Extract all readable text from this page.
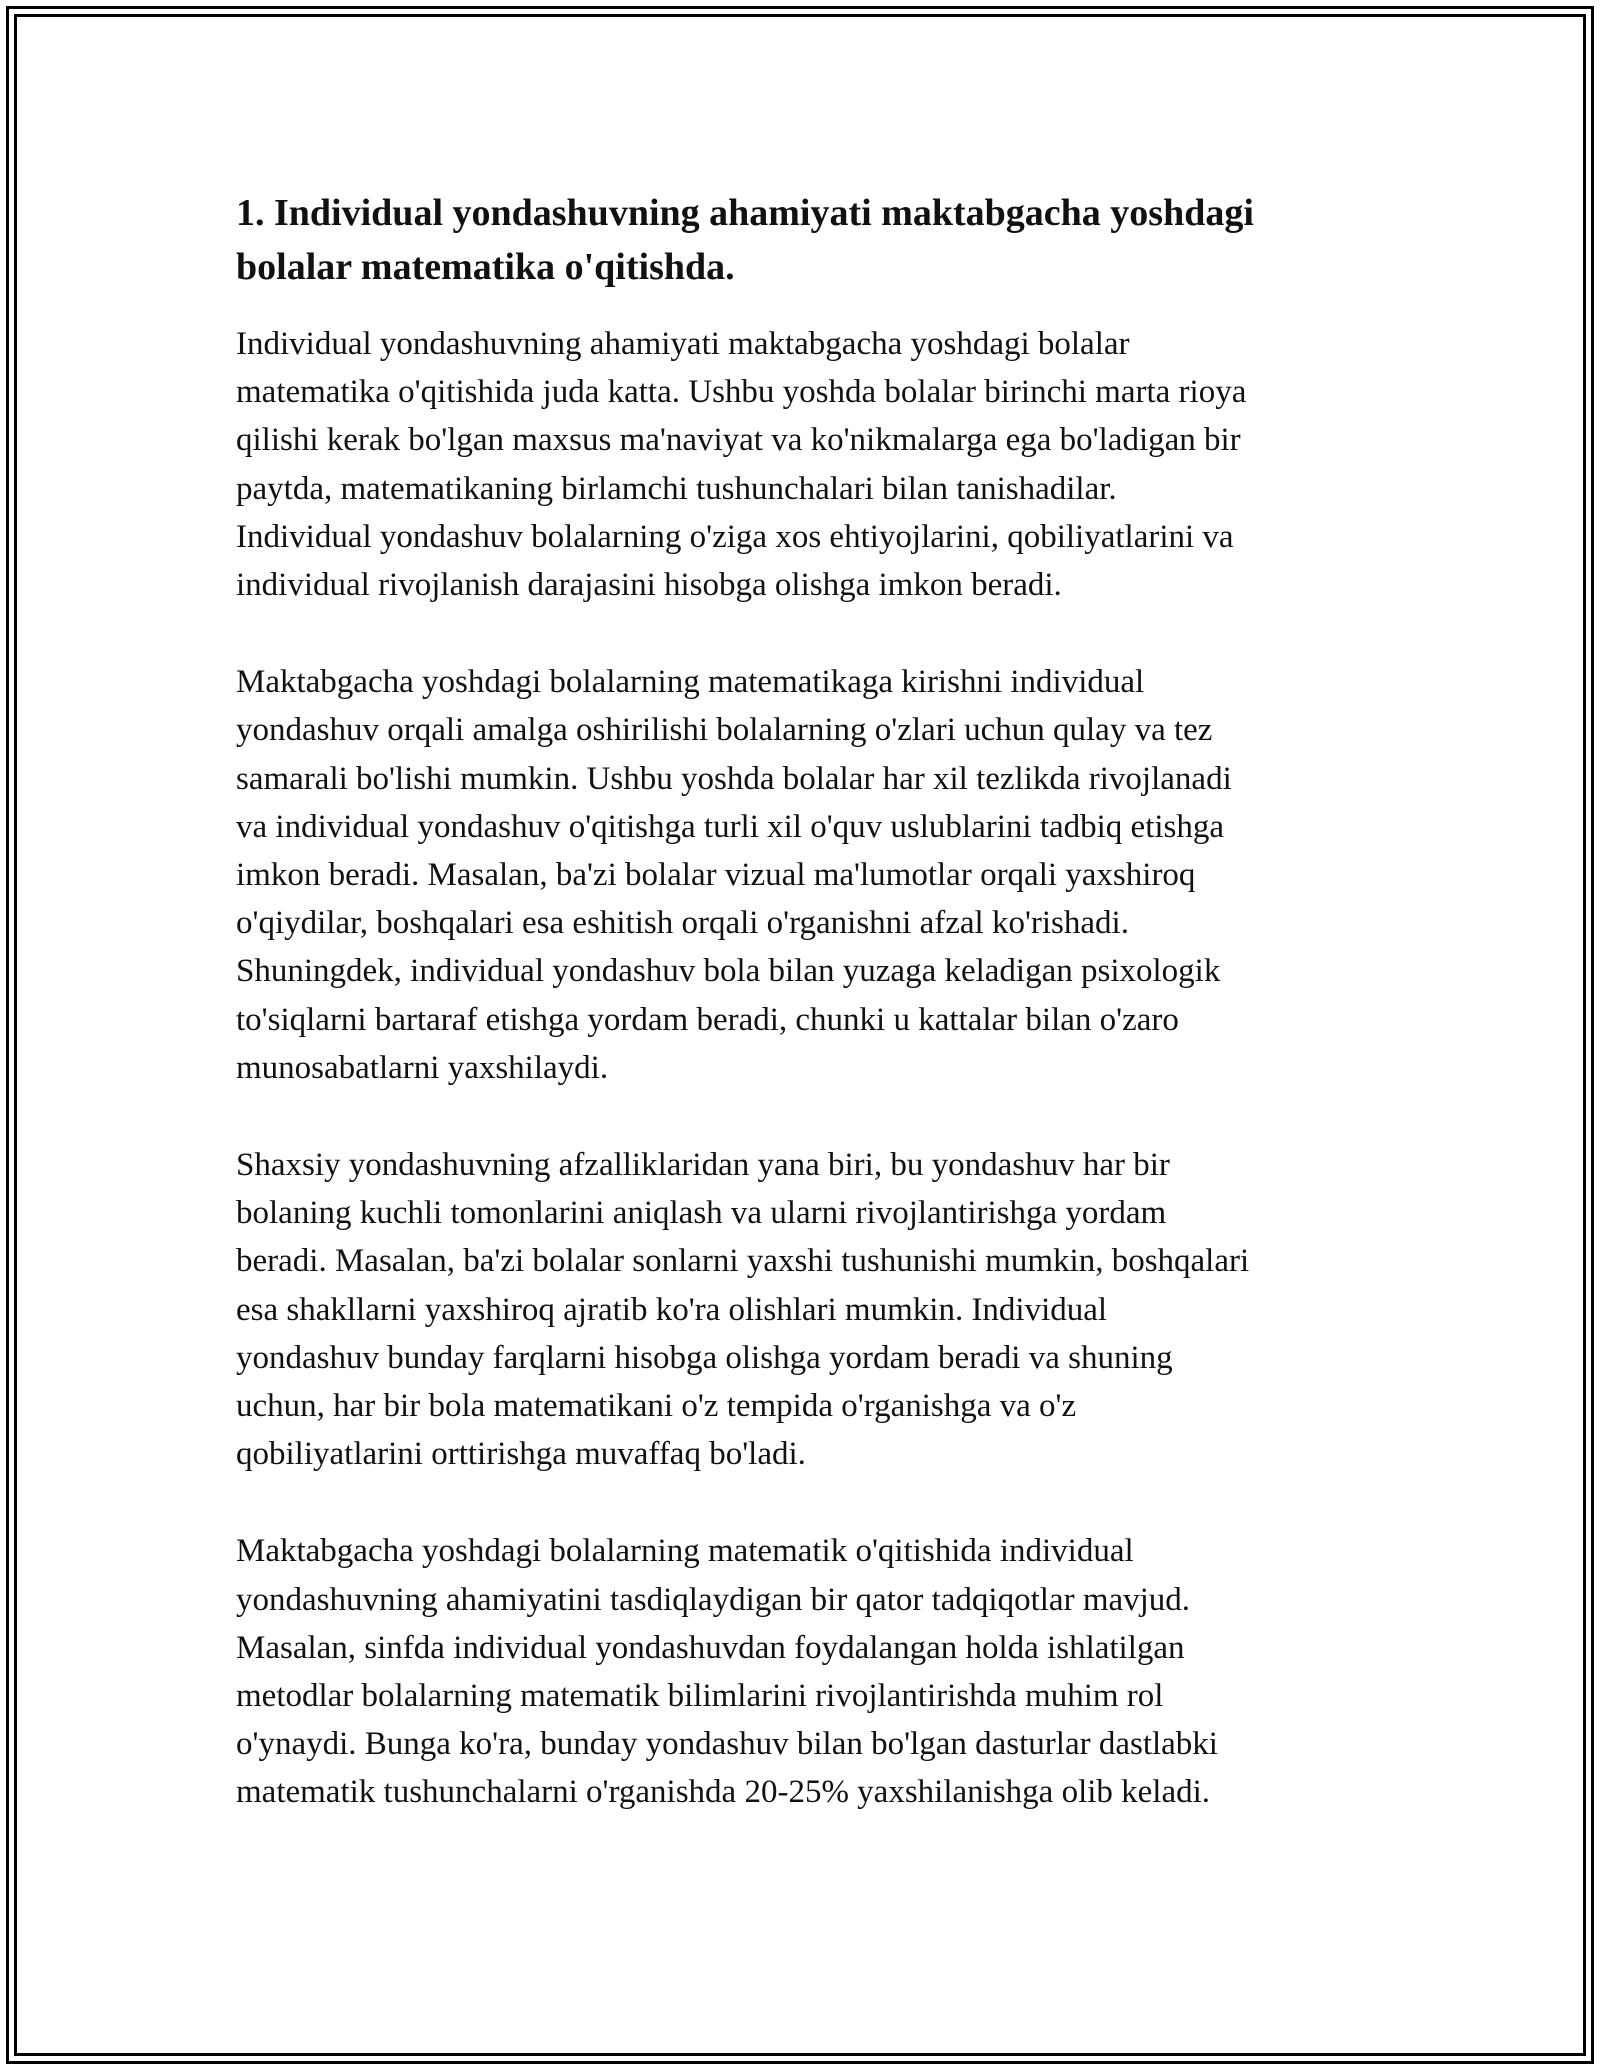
1. Individual yondashuvning ahamiyati maktabgacha yoshdagi
bolalar matematika o'qitishda.

Individual yondashuvning ahamiyati maktabgacha yoshdagi bolalar
matematika o'qitishida juda katta. Ushbu yoshda bolalar birinchi marta rioya
qilishi kerak bo'lgan maxsus ma'naviyat va ko'nikmalarga ega bo'ladigan bir
paytda, matematikaning birlamchi tushunchalari bilan tanishadilar.
Individual yondashuv bolalarning o'ziga xos ehtiyojlarini, qobiliyatlarini va
individual rivojlanish darajasini hisobga olishga imkon beradi.

Maktabgacha yoshdagi bolalarning matematikaga kirishni individual
yondashuv orqali amalga oshirilishi bolalarning o'zlari uchun qulay va tez
samarali bo'lishi mumkin. Ushbu yoshda bolalar har xil tezlikda rivojlanadi
va individual yondashuv o'qitishga turli xil o'quv uslublarini tadbiq etishga
imkon beradi. Masalan, ba'zi bolalar vizual ma'lumotlar orqali yaxshiroq
o'qiydilar, boshqalari esa eshitish orqali o'rganishni afzal ko'rishadi.
Shuningdek, individual yondashuv bola bilan yuzaga keladigan psixologik
to'siqlarni bartaraf etishga yordam beradi, chunki u kattalar bilan o'zaro
munosabatlarni yaxshilaydi.

Shaxsiy yondashuvning afzalliklaridan yana biri, bu yondashuv har bir
bolaning kuchli tomonlarini aniqlash va ularni rivojlantirishga yordam
beradi. Masalan, ba'zi bolalar sonlarni yaxshi tushunishi mumkin, boshqalari
esa shakllarni yaxshiroq ajratib ko'ra olishlari mumkin. Individual
yondashuv bunday farqlarni hisobga olishga yordam beradi va shuning
uchun, har bir bola matematikani o'z tempida o'rganishga va o'z
qobiliyatlarini orttirishga muvaffaq bo'ladi.

Maktabgacha yoshdagi bolalarning matematik o'qitishida individual
yondashuvning ahamiyatini tasdiqlaydigan bir qator tadqiqotlar mavjud.
Masalan, sinfda individual yondashuvdan foydalangan holda ishlatilgan
metodlar bolalarning matematik bilimlarini rivojlantirishda muhim rol
o'ynaydi. Bunga ko'ra, bunday yondashuv bilan bo'lgan dasturlar dastlabki
matematik tushunchalarni o'rganishda 20-25% yaxshilanishga olib keladi.
